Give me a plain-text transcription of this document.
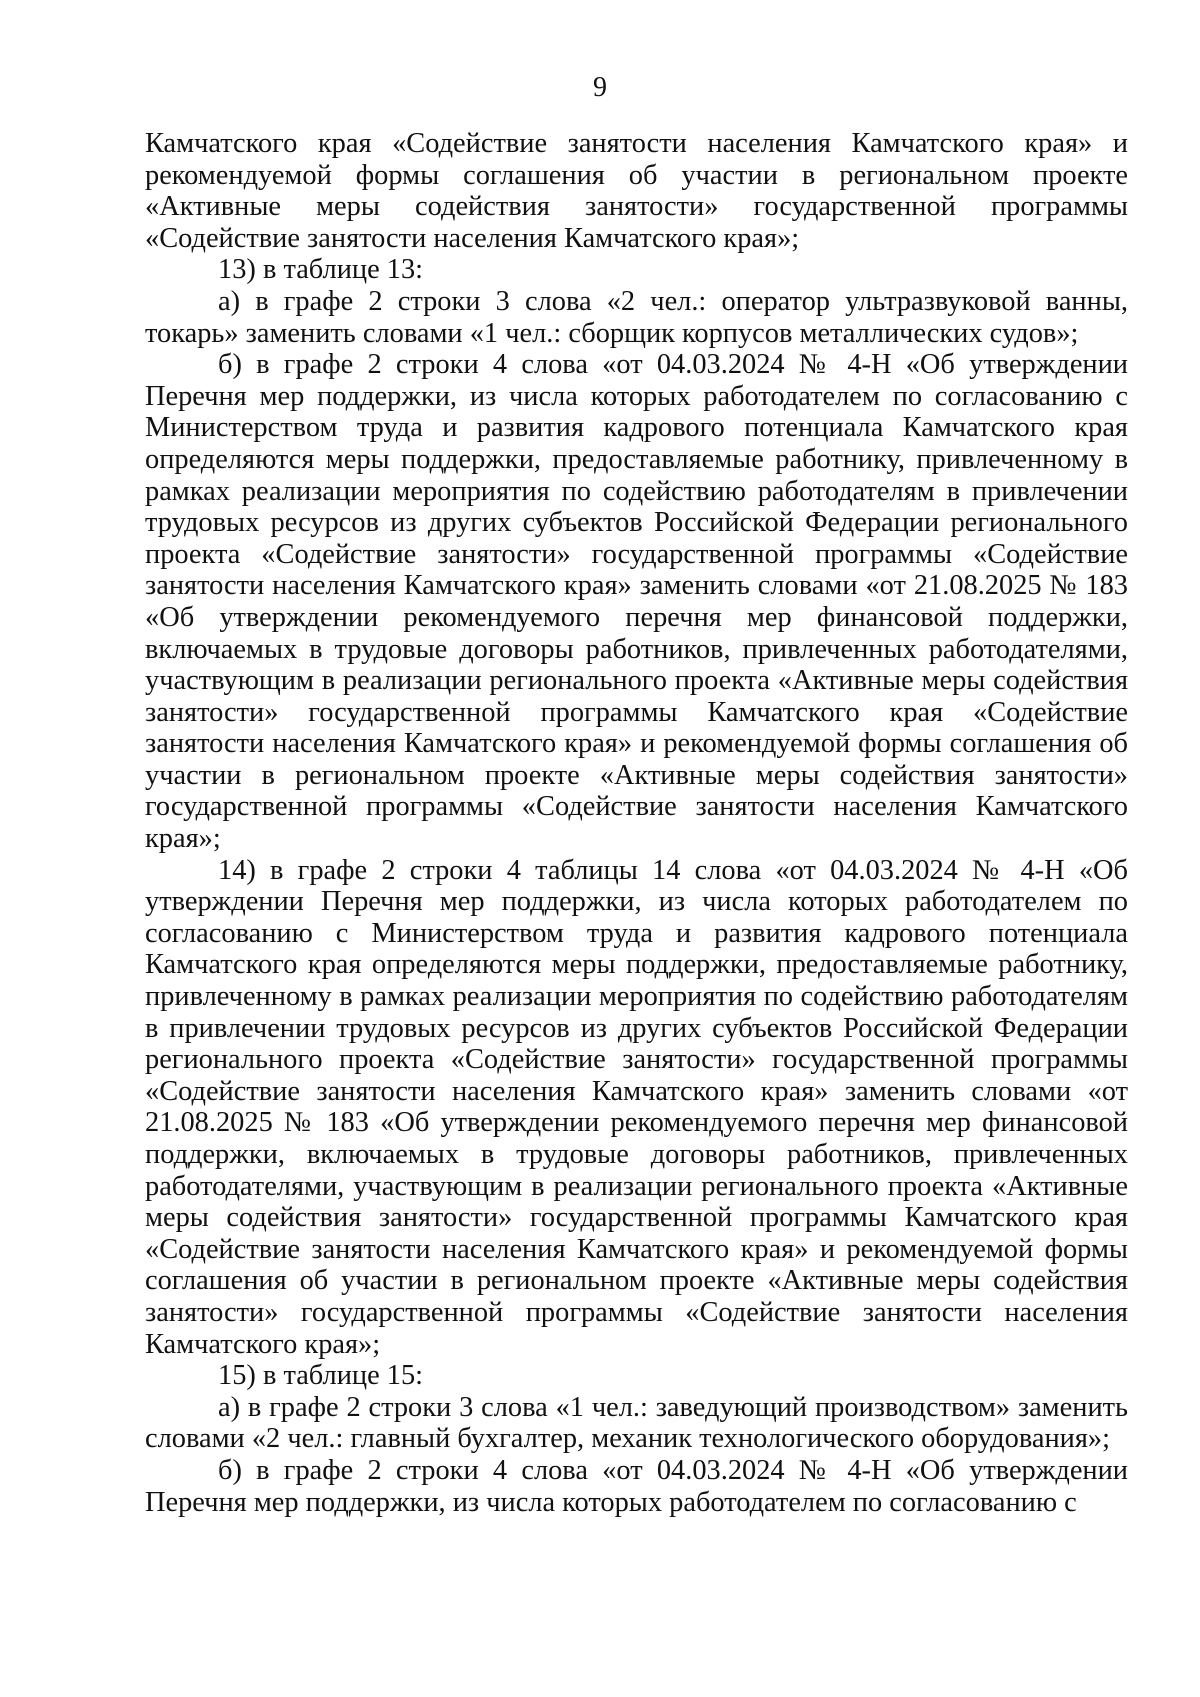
9

Камчатского края «Содействие занятости населения Камчатского края» и рекомендуемой формы соглашения об участии в региональном проекте «Активные меры содействия занятости» государственной программы «Содействие занятости населения Камчатского края»;

13) в таблице 13:

а) в графе 2 строки 3 слова «2 чел.: оператор ультразвуковой ванны, токарь» заменить словами «1 чел.: сборщик корпусов металлических судов»;

б) в графе 2 строки 4 слова «от 04.03.2024 № 4-Н «Об утверждении Перечня мер поддержки, из числа которых работодателем по согласованию с Министерством труда и развития кадрового потенциала Камчатского края определяются меры поддержки, предоставляемые работнику, привлеченному в рамках реализации мероприятия по содействию работодателям в привлечении трудовых ресурсов из других субъектов Российской Федерации регионального проекта «Содействие занятости» государственной программы «Содействие занятости населения Камчатского края» заменить словами «от 21.08.2025 № 183 «Об утверждении рекомендуемого перечня мер финансовой поддержки, включаемых в трудовые договоры работников, привлеченных работодателями, участвующим в реализации регионального проекта «Активные меры содействия занятости» государственной программы Камчатского края «Содействие занятости населения Камчатского края» и рекомендуемой формы соглашения об участии в региональном проекте «Активные меры содействия занятости» государственной программы «Содействие занятости населения Камчатского края»;

14) в графе 2 строки 4 таблицы 14 слова «от 04.03.2024 № 4-Н «Об утверждении Перечня мер поддержки, из числа которых работодателем по согласованию с Министерством труда и развития кадрового потенциала Камчатского края определяются меры поддержки, предоставляемые работнику, привлеченному в рамках реализации мероприятия по содействию работодателям в привлечении трудовых ресурсов из других субъектов Российской Федерации регионального проекта «Содействие занятости» государственной программы «Содействие занятости населения Камчатского края» заменить словами «от 21.08.2025 № 183 «Об утверждении рекомендуемого перечня мер финансовой поддержки, включаемых в трудовые договоры работников, привлеченных работодателями, участвующим в реализации регионального проекта «Активные меры содействия занятости» государственной программы Камчатского края «Содействие занятости населения Камчатского края» и рекомендуемой формы соглашения об участии в региональном проекте «Активные меры содействия занятости» государственной программы «Содействие занятости населения Камчатского края»;

15) в таблице 15:

а) в графе 2 строки 3 слова «1 чел.: заведующий производством» заменить словами «2 чел.: главный бухгалтер, механик технологического оборудования»;

б) в графе 2 строки 4 слова «от 04.03.2024 № 4-Н «Об утверждении Перечня мер поддержки, из числа которых работодателем по согласованию с
